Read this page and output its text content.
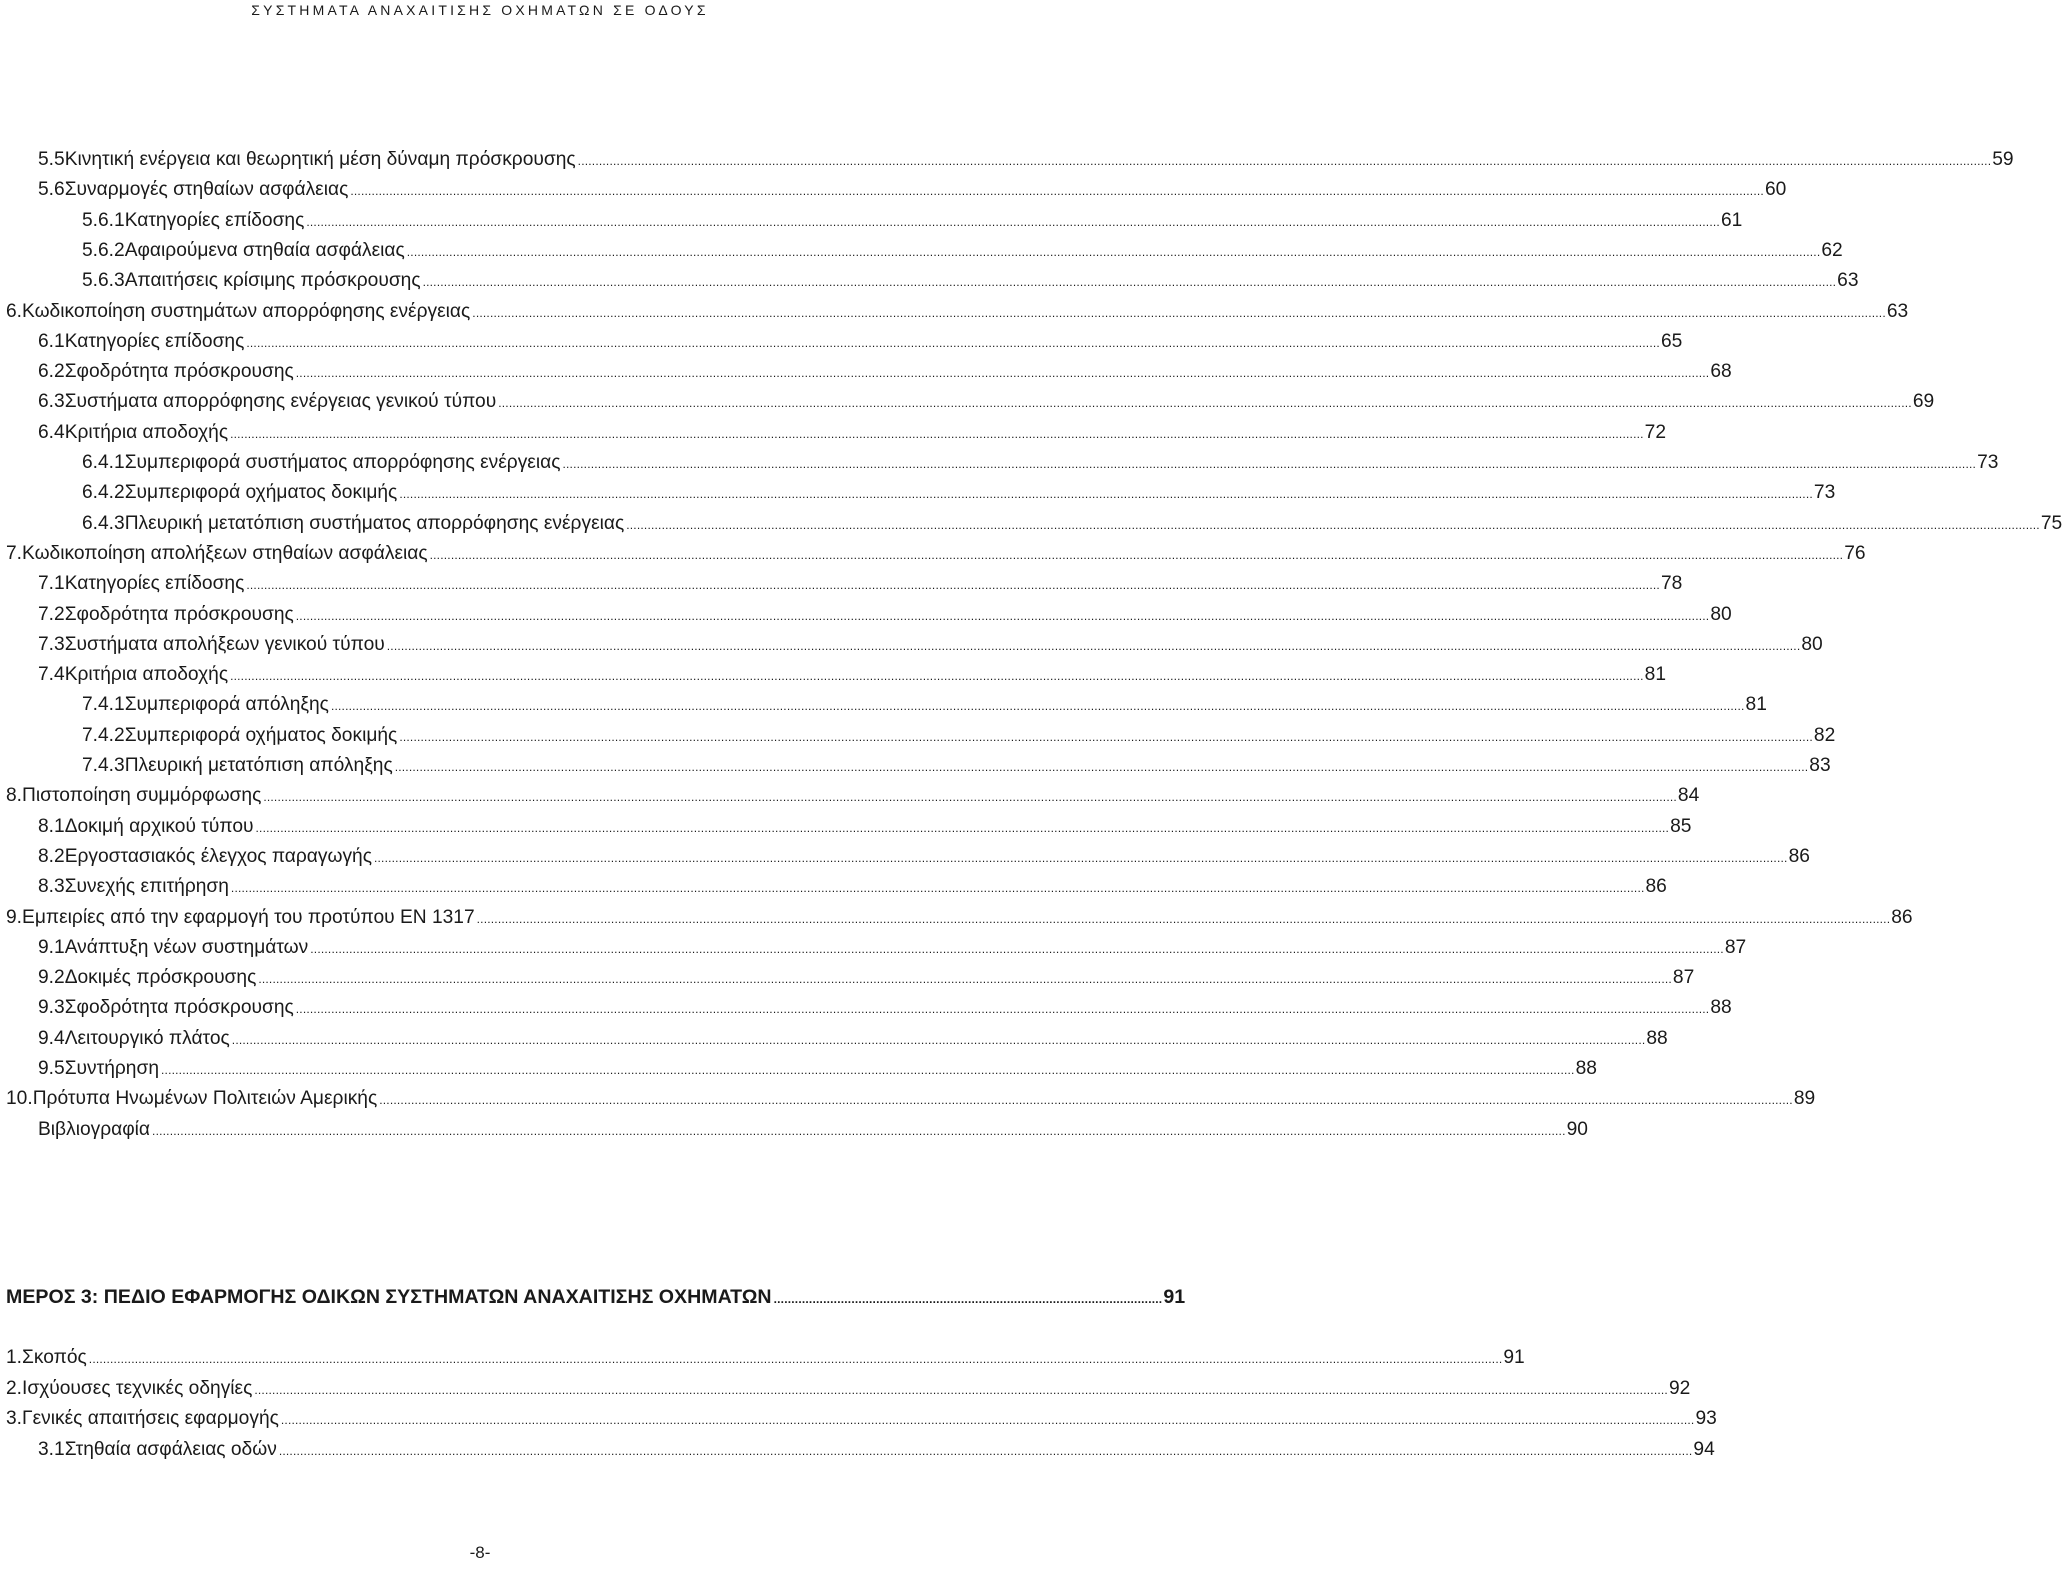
ΣΥΣΤΗΜΑΤΑ ΑΝΑΧΑΙΤΙΣΗΣ ΟΧΗΜΑΤΩΝ ΣΕ ΟΔΟΥΣ
5.5 Κινητική ενέργεια και θεωρητική μέση δύναμη πρόσκρουσης ................................................................................................................................................................................................................................................................................................................................................................................................................ 59
5.6 Συναρμογές στηθαίων ασφάλειας ................................................................................................................................................................................................................................................................................................................................................................................................................ 60
5.6.1 Κατηγορίες επίδοσης ................................................................................................................................................................................................................................................................................................................................................................................................................ 61
5.6.2 Αφαιρούμενα στηθαία ασφάλειας ................................................................................................................................................................................................................................................................................................................................................................................................................ 62
5.6.3 Απαιτήσεις κρίσιμης πρόσκρουσης ................................................................................................................................................................................................................................................................................................................................................................................................................ 63
6. Κωδικοποίηση συστημάτων απορρόφησης ενέργειας ................................................................................................................................................................................................................................................................................................................................................................................................................ 63
6.1 Κατηγορίες επίδοσης ................................................................................................................................................................................................................................................................................................................................................................................................................ 65
6.2 Σφοδρότητα πρόσκρουσης ................................................................................................................................................................................................................................................................................................................................................................................................................ 68
6.3 Συστήματα απορρόφησης ενέργειας γενικού τύπου ................................................................................................................................................................................................................................................................................................................................................................................................................ 69
6.4 Κριτήρια αποδοχής ................................................................................................................................................................................................................................................................................................................................................................................................................ 72
6.4.1 Συμπεριφορά συστήματος απορρόφησης ενέργειας ................................................................................................................................................................................................................................................................................................................................................................................................................ 73
6.4.2 Συμπεριφορά οχήματος δοκιμής ................................................................................................................................................................................................................................................................................................................................................................................................................ 73
6.4.3 Πλευρική μετατόπιση συστήματος απορρόφησης ενέργειας ................................................................................................................................................................................................................................................................................................................................................................................................................ 75
7. Κωδικοποίηση απολήξεων στηθαίων ασφάλειας ................................................................................................................................................................................................................................................................................................................................................................................................................ 76
7.1 Κατηγορίες επίδοσης ................................................................................................................................................................................................................................................................................................................................................................................................................ 78
7.2 Σφοδρότητα πρόσκρουσης ................................................................................................................................................................................................................................................................................................................................................................................................................ 80
7.3 Συστήματα απολήξεων γενικού τύπου ................................................................................................................................................................................................................................................................................................................................................................................................................ 80
7.4 Κριτήρια αποδοχής ................................................................................................................................................................................................................................................................................................................................................................................................................ 81
7.4.1 Συμπεριφορά απόληξης ................................................................................................................................................................................................................................................................................................................................................................................................................ 81
7.4.2 Συμπεριφορά οχήματος δοκιμής ................................................................................................................................................................................................................................................................................................................................................................................................................ 82
7.4.3 Πλευρική μετατόπιση απόληξης ................................................................................................................................................................................................................................................................................................................................................................................................................ 83
8. Πιστοποίηση συμμόρφωσης ................................................................................................................................................................................................................................................................................................................................................................................................................ 84
8.1 Δοκιμή αρχικού τύπου ................................................................................................................................................................................................................................................................................................................................................................................................................ 85
8.2 Εργοστασιακός έλεγχος παραγωγής ................................................................................................................................................................................................................................................................................................................................................................................................................ 86
8.3 Συνεχής επιτήρηση ................................................................................................................................................................................................................................................................................................................................................................................................................ 86
9. Εμπειρίες από την εφαρμογή του προτύπου ΕΝ 1317 ................................................................................................................................................................................................................................................................................................................................................................................................................ 86
9.1 Ανάπτυξη νέων συστημάτων ................................................................................................................................................................................................................................................................................................................................................................................................................ 87
9.2 Δοκιμές πρόσκρουσης ................................................................................................................................................................................................................................................................................................................................................................................................................ 87
9.3 Σφοδρότητα πρόσκρουσης ................................................................................................................................................................................................................................................................................................................................................................................................................ 88
9.4 Λειτουργικό πλάτος ................................................................................................................................................................................................................................................................................................................................................................................................................ 88
9.5 Συντήρηση ................................................................................................................................................................................................................................................................................................................................................................................................................ 88
10. Πρότυπα Ηνωμένων Πολιτειών Αμερικής ................................................................................................................................................................................................................................................................................................................................................................................................................ 89
Βιβλιογραφία ................................................................................................................................................................................................................................................................................................................................................................................................................ 90
ΜΕΡΟΣ 3: ΠΕΔΙΟ ΕΦΑΡΜΟΓΗΣ ΟΔΙΚΩΝ ΣΥΣΤΗΜΑΤΩΝ ΑΝΑΧΑΙΤΙΣΗΣ ΟΧΗΜΑΤΩΝ .............................................................................................................. 91
1. Σκοπός ................................................................................................................................................................................................................................................................................................................................................................................................................ 91
2. Ισχύουσες τεχνικές οδηγίες ................................................................................................................................................................................................................................................................................................................................................................................................................ 92
3. Γενικές απαιτήσεις εφαρμογής ................................................................................................................................................................................................................................................................................................................................................................................................................ 93
3.1 Στηθαία ασφάλειας οδών ................................................................................................................................................................................................................................................................................................................................................................................................................ 94
-8-
